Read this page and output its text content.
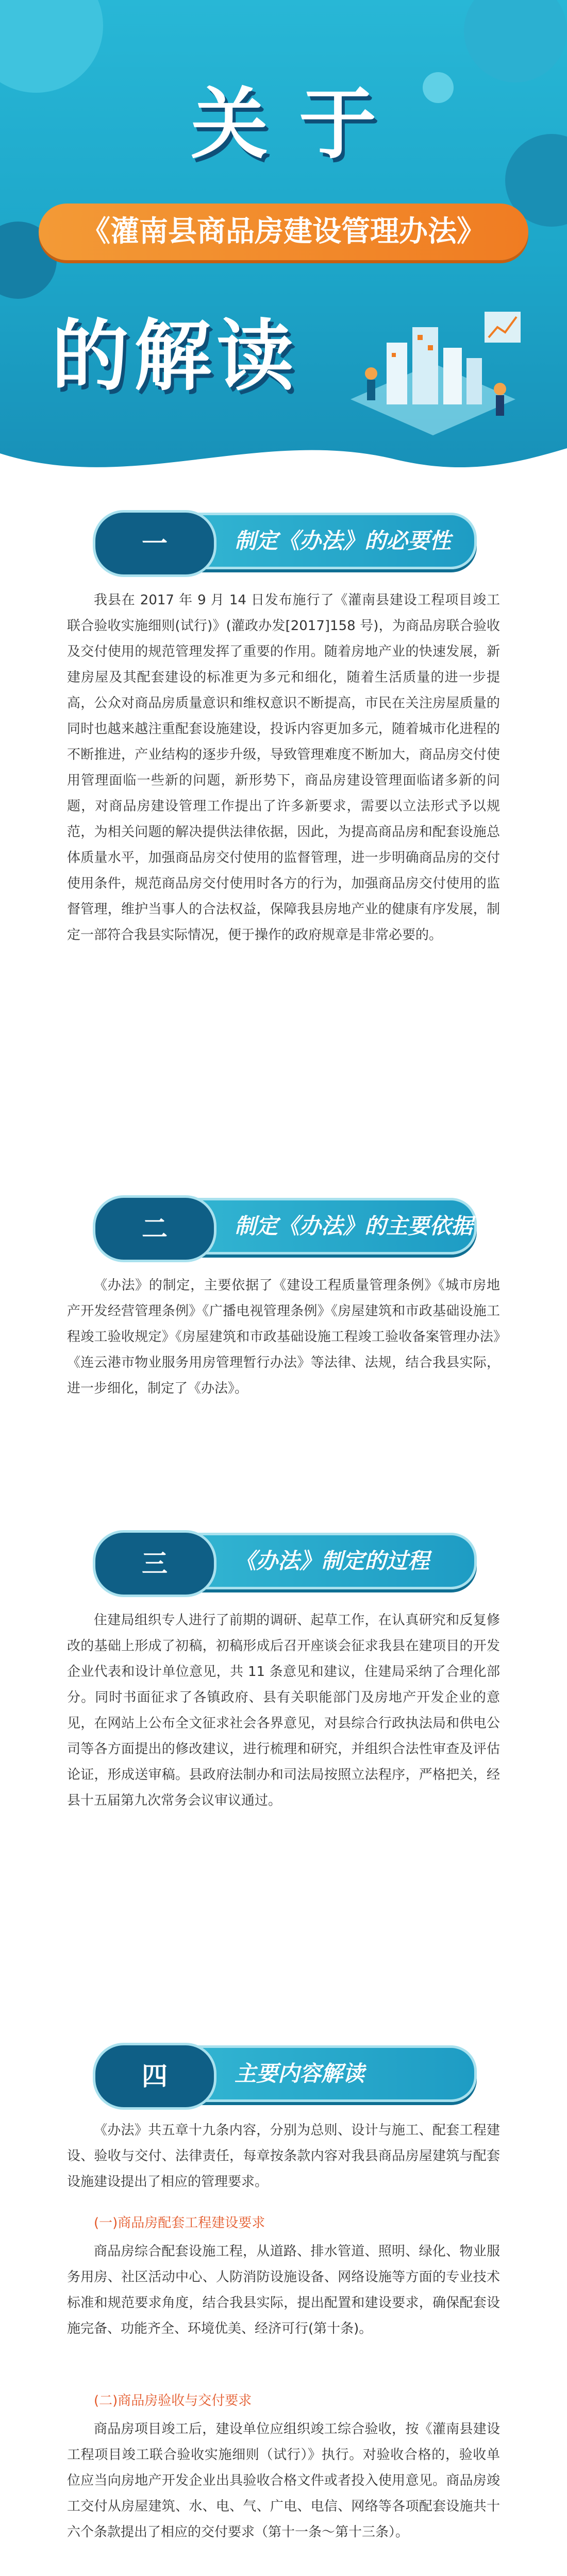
关于
《灌南县商品房建设管理办法》
的解读
一	制定《办法》的必要性

我县在 2017 年 9 月 14 日发布施行了《灌南县建设工程项目竣工联合验收实施细则(试行)》(灌政办发[2017]158 号)，为商品房联合验收及交付使用的规范管理发挥了重要的作用。随着房地产业的快速发展，新建房屋及其配套建设的标准更为多元和细化，随着生活质量的进一步提高，公众对商品房质量意识和维权意识不断提高，市民在关注房屋质量的同时也越来越注重配套设施建设，投诉内容更加多元，随着城市化进程的不断推进，产业结构的逐步升级，导致管理难度不断加大，商品房交付使用管理面临一些新的问题，新形势下，商品房建设管理面临诸多新的问题，对商品房建设管理工作提出了许多新要求，需要以立法形式予以规范，为相关问题的解决提供法律依据，因此，为提高商品房和配套设施总体质量水平，加强商品房交付使用的监督管理，进一步明确商品房的交付使用条件，规范商品房交付使用时各方的行为，加强商品房交付使用的监督管理，维护当事人的合法权益，保障我县房地产业的健康有序发展，制定一部符合我县实际情况，便于操作的政府规章是非常必要的。

二	制定《办法》的主要依据

《办法》的制定，主要依据了《建设工程质量管理条例》《城市房地产开发经营管理条例》《广播电视管理条例》《房屋建筑和市政基础设施工程竣工验收规定》《房屋建筑和市政基础设施工程竣工验收备案管理办法》《连云港市物业服务用房管理暂行办法》等法律、法规，结合我县实际，进一步细化，制定了《办法》。

三	《办法》制定的过程

住建局组织专人进行了前期的调研、起草工作，在认真研究和反复修改的基础上形成了初稿，初稿形成后召开座谈会征求我县在建项目的开发企业代表和设计单位意见，共 11 条意见和建议，住建局采纳了合理化部分。同时书面征求了各镇政府、县有关职能部门及房地产开发企业的意见，在网站上公布全文征求社会各界意见，对县综合行政执法局和供电公司等各方面提出的修改建议，进行梳理和研究，并组织合法性审查及评估论证，形成送审稿。县政府法制办和司法局按照立法程序，严格把关，经县十五届第九次常务会议审议通过。

四	主要内容解读

《办法》共五章十九条内容，分别为总则、设计与施工、配套工程建设、验收与交付、法律责任，每章按条款内容对我县商品房屋建筑与配套设施建设提出了相应的管理要求。

(一)商品房配套工程建设要求

商品房综合配套设施工程，从道路、排水管道、照明、绿化、物业服务用房、社区活动中心、人防消防设施设备、网络设施等方面的专业技术标准和规范要求角度，结合我县实际，提出配置和建设要求，确保配套设施完备、功能齐全、环境优美、经济可行(第十条)。

(二)商品房验收与交付要求

商品房项目竣工后，建设单位应组织竣工综合验收，按《灌南县建设工程项目竣工联合验收实施细则（试行）》执行。对验收合格的，验收单位应当向房地产开发企业出具验收合格文件或者投入使用意见。商品房竣工交付从房屋建筑、水、电、气、广电、电信、网络等各项配套设施共十六个条款提出了相应的交付要求（第十一条～第十三条）。
